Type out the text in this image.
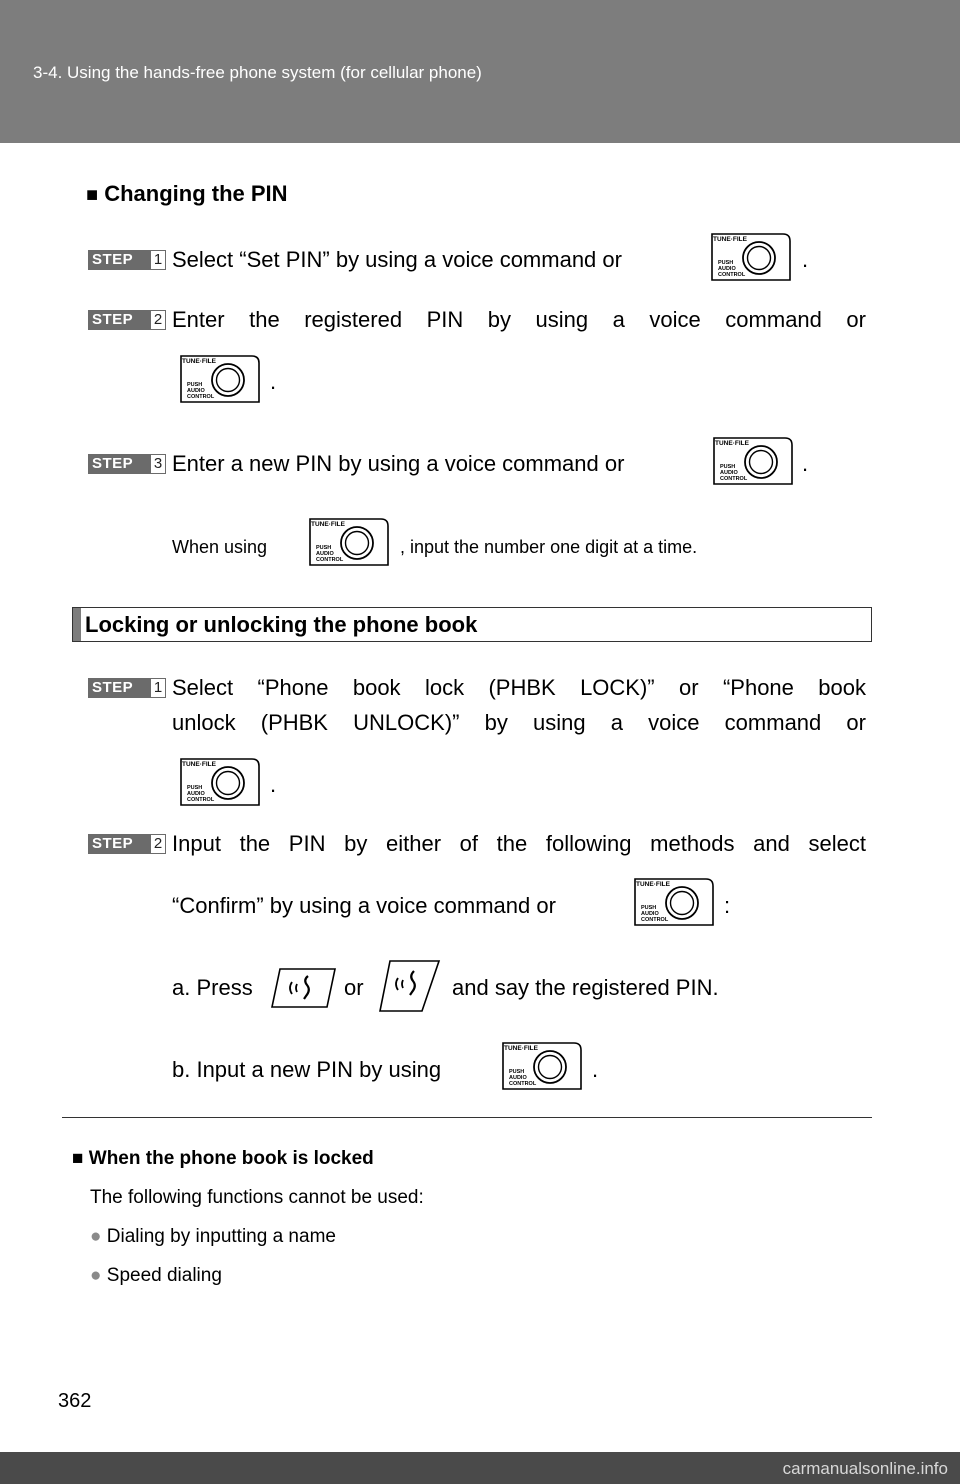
3-4. Using the hands-free phone system (for cellular phone)
■ Changing the PIN
STEP	1 Select “Set PIN” by using a voice command or
TUNE·FILE
PUSH
AUDIO
CONTROL
.
STEP	2 Enter the registered PIN by using a voice command or
TUNE·FILE
PUSH
AUDIO
CONTROL
.
STEP	3 Enter a new PIN by using a voice command or
TUNE·FILE
PUSH
AUDIO
CONTROL
.
When using
TUNE·FILE
PUSH
AUDIO
CONTROL
, input the number one digit at a time.
Locking or unlocking the phone book
STEP	1 Select “Phone book lock (PHBK LOCK)” or “Phone book
unlock (PHBK UNLOCK)” by using a voice command or
TUNE·FILE
PUSH
AUDIO
CONTROL
.
STEP	2 Input the PIN by either of the following methods and select
“Confirm” by using a voice command or
TUNE·FILE
PUSH
AUDIO
CONTROL
:
a. Press	or	and say the registered PIN.
b. Input a new PIN by using
TUNE·FILE
PUSH
AUDIO
CONTROL
.
■ When the phone book is locked
The following functions cannot be used:
● Dialing by inputting a name
● Speed dialing
362
carmanualsonline.info
